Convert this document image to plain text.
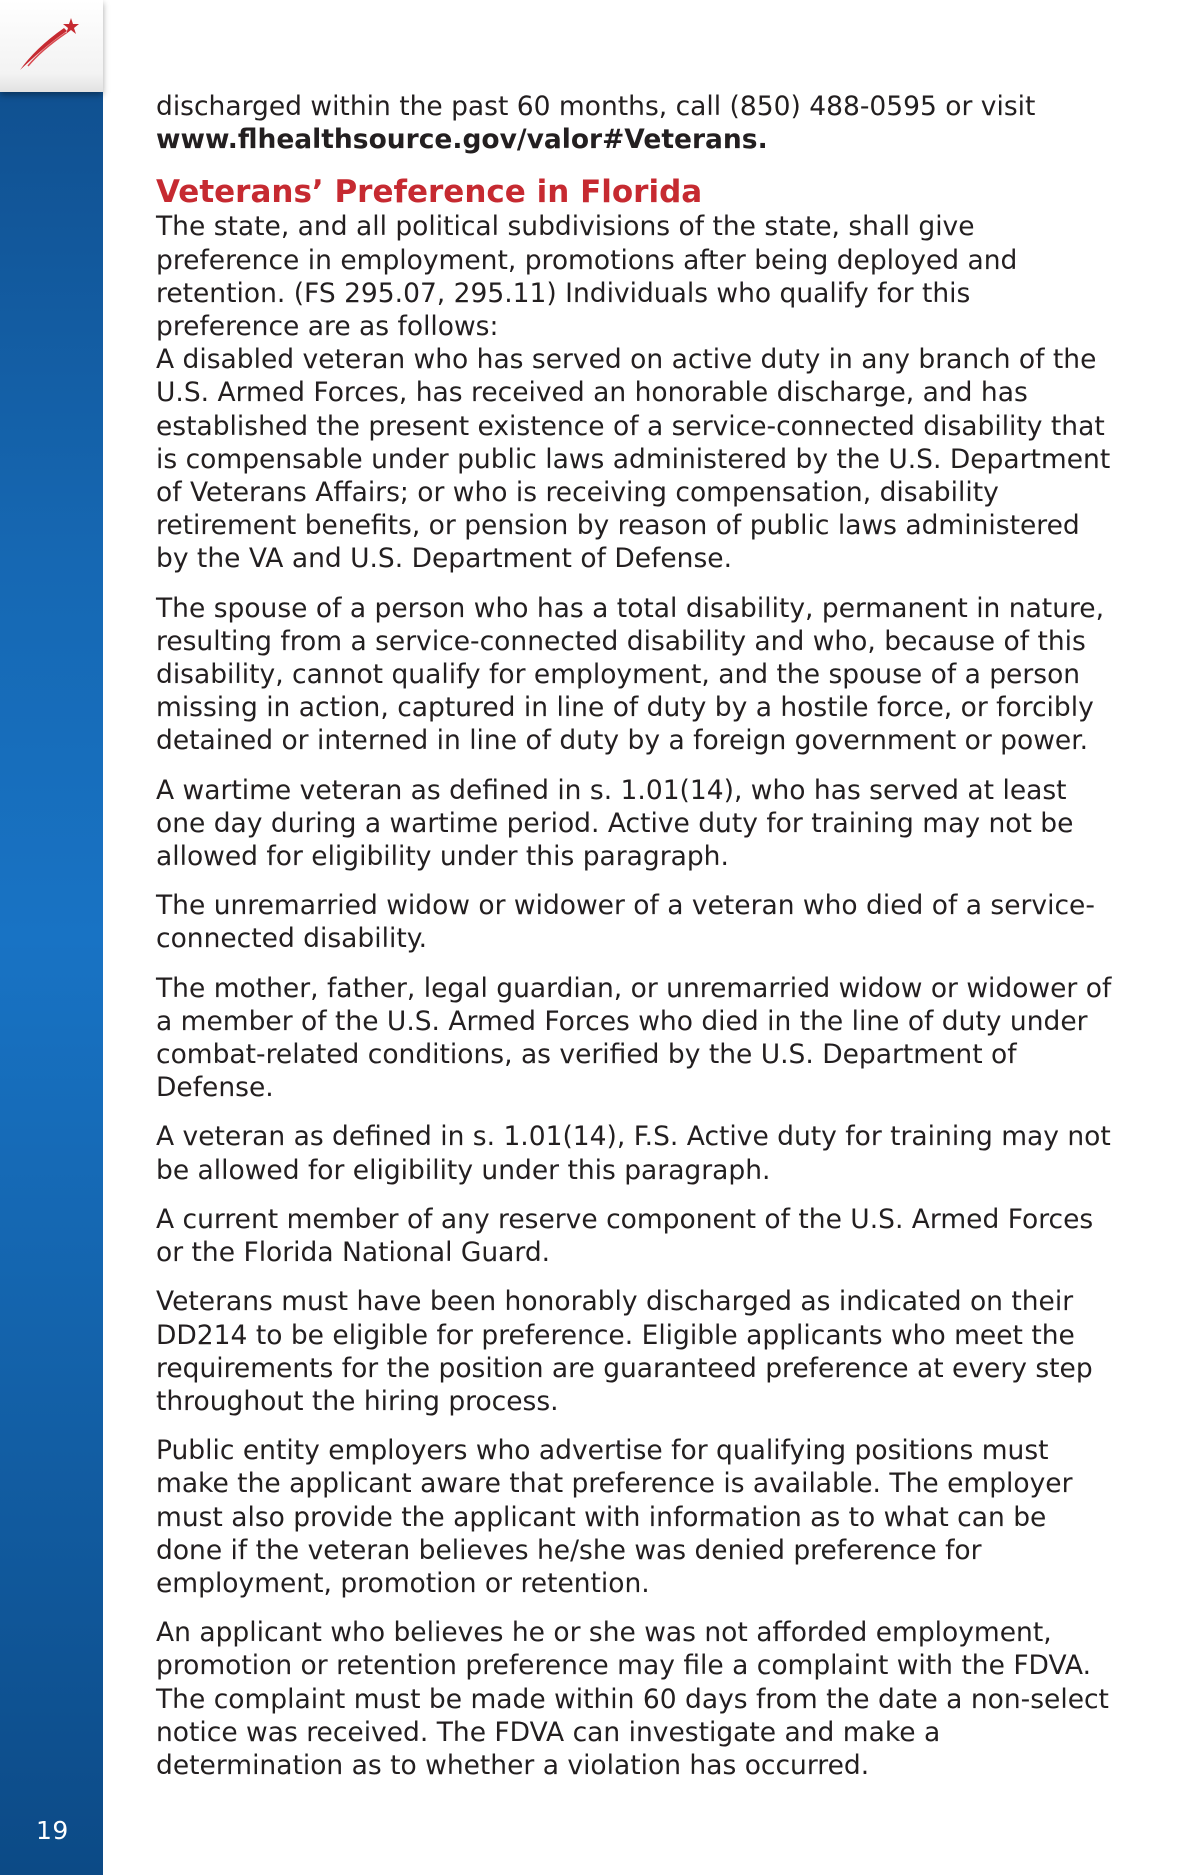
19

discharged within the past 60 months, call (850) 488-0595 or visit www.flhealthsource.gov/valor#Veterans.

Veterans’ Preference in Florida

The state, and all political subdivisions of the state, shall give preference in employment, promotions after being deployed and retention. (FS 295.07, 295.11) Individuals who qualify for this preference are as follows:

A disabled veteran who has served on active duty in any branch of the U.S. Armed Forces, has received an honorable discharge, and has established the present existence of a service-connected disability that is compensable under public laws administered by the U.S. Department of Veterans Affairs; or who is receiving compensation, disability retirement benefits, or pension by reason of public laws administered by the VA and U.S. Department of Defense.

The spouse of a person who has a total disability, permanent in nature, resulting from a service-connected disability and who, because of this disability, cannot qualify for employment, and the spouse of a person missing in action, captured in line of duty by a hostile force, or forcibly detained or interned in line of duty by a foreign government or power.

A wartime veteran as defined in s. 1.01(14), who has served at least one day during a wartime period. Active duty for training may not be allowed for eligibility under this paragraph.

The unremarried widow or widower of a veteran who died of a service-connected disability.

The mother, father, legal guardian, or unremarried widow or widower of a member of the U.S. Armed Forces who died in the line of duty under combat-related conditions, as verified by the U.S. Department of Defense.

A veteran as defined in s. 1.01(14), F.S. Active duty for training may not be allowed for eligibility under this paragraph.

A current member of any reserve component of the U.S. Armed Forces or the Florida National Guard.

Veterans must have been honorably discharged as indicated on their DD214 to be eligible for preference. Eligible applicants who meet the requirements for the position are guaranteed preference at every step throughout the hiring process.

Public entity employers who advertise for qualifying positions must make the applicant aware that preference is available. The employer must also provide the applicant with information as to what can be done if the veteran believes he/she was denied preference for employment, promotion or retention.

An applicant who believes he or she was not afforded employment, promotion or retention preference may file a complaint with the FDVA. The complaint must be made within 60 days from the date a non-select notice was received. The FDVA can investigate and make a determination as to whether a violation has occurred.
